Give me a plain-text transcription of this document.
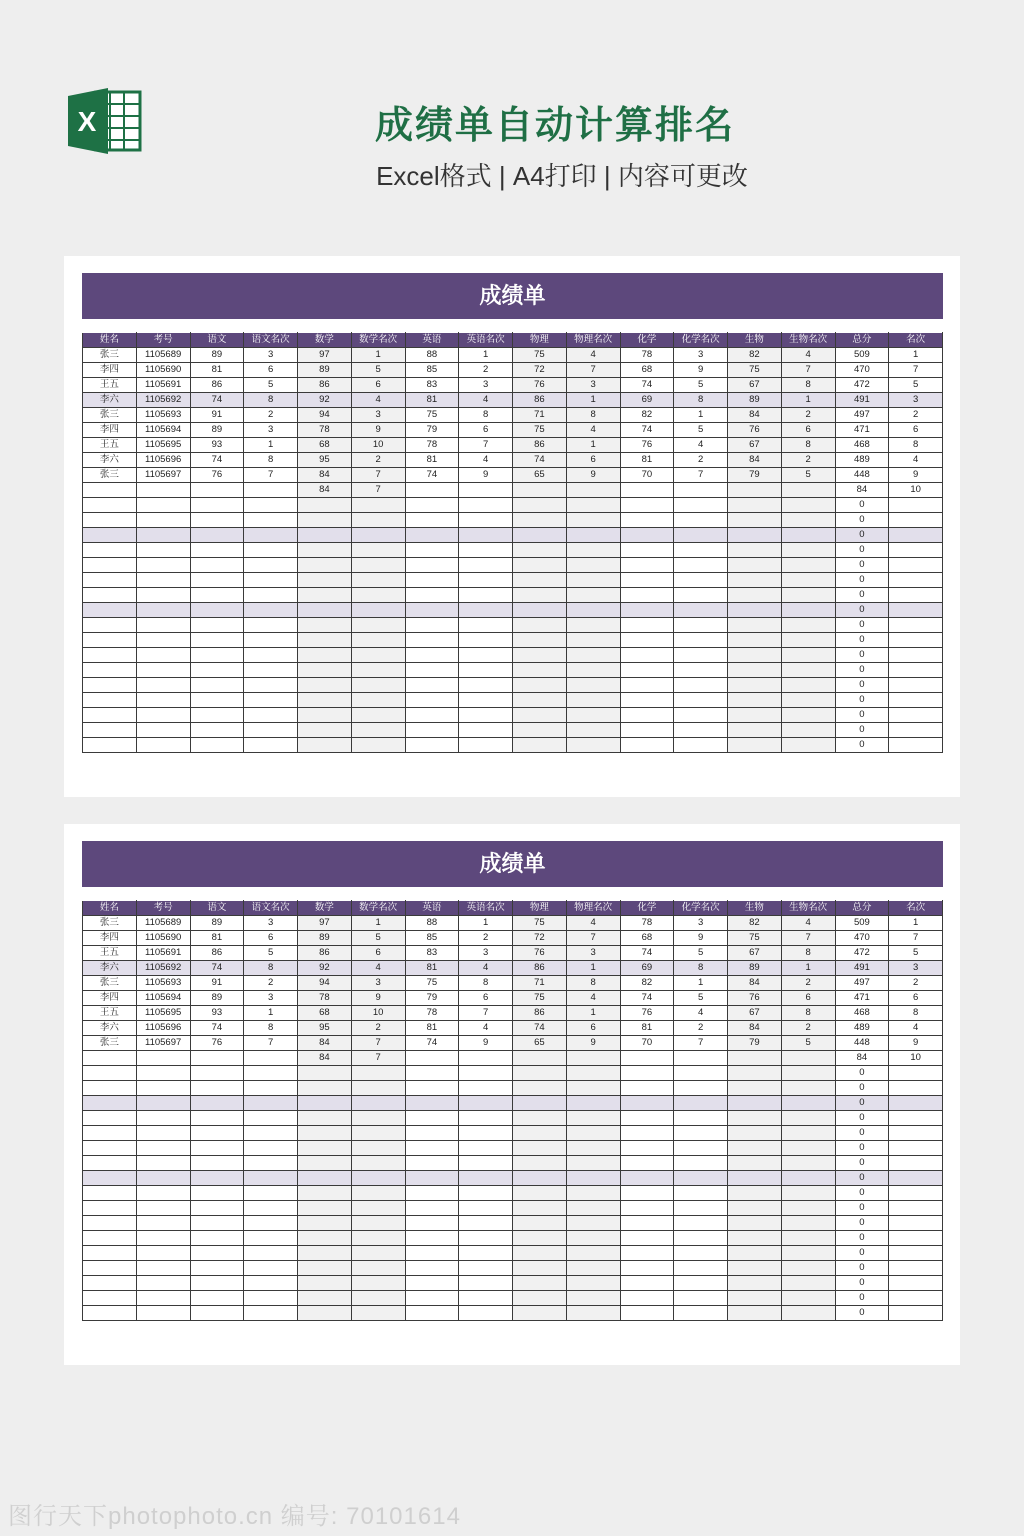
X	成绩单自动计算排名
Excel格式 | A4打印 | 内容可更改
成绩单
姓名	考号	语文	语文名次	数学	数学名次	英语	英语名次	物理	物理名次	化学	化学名次	生物	生物名次	总分	名次
张三	1105689	89	3	97	1	88	1	75	4	78	3	82	4	509	1
李四	1105690	81	6	89	5	85	2	72	7	68	9	75	7	470	7
王五	1105691	86	5	86	6	83	3	76	3	74	5	67	8	472	5
李六	1105692	74	8	92	4	81	4	86	1	69	8	89	1	491	3
张三	1105693	91	2	94	3	75	8	71	8	82	1	84	2	497	2
李四	1105694	89	3	78	9	79	6	75	4	74	5	76	6	471	6
王五	1105695	93	1	68	10	78	7	86	1	76	4	67	8	468	8
李六	1105696	74	8	95	2	81	4	74	6	81	2	84	2	489	4
张三	1105697	76	7	84	7	74	9	65	9	70	7	79	5	448	9
				84	7									84	10
														0	
														0	
														0	
														0	
														0	
														0	
														0	
														0	
														0	
														0	
														0	
														0	
														0	
														0	
														0	
														0	
														0	
成绩单
姓名	考号	语文	语文名次	数学	数学名次	英语	英语名次	物理	物理名次	化学	化学名次	生物	生物名次	总分	名次
张三	1105689	89	3	97	1	88	1	75	4	78	3	82	4	509	1
李四	1105690	81	6	89	5	85	2	72	7	68	9	75	7	470	7
王五	1105691	86	5	86	6	83	3	76	3	74	5	67	8	472	5
李六	1105692	74	8	92	4	81	4	86	1	69	8	89	1	491	3
张三	1105693	91	2	94	3	75	8	71	8	82	1	84	2	497	2
李四	1105694	89	3	78	9	79	6	75	4	74	5	76	6	471	6
王五	1105695	93	1	68	10	78	7	86	1	76	4	67	8	468	8
李六	1105696	74	8	95	2	81	4	74	6	81	2	84	2	489	4
张三	1105697	76	7	84	7	74	9	65	9	70	7	79	5	448	9
				84	7									84	10
														0	
														0	
														0	
														0	
														0	
														0	
														0	
														0	
														0	
														0	
														0	
														0	
														0	
														0	
														0	
														0	
														0	
图行天下photophoto.cn 编号: 70101614
